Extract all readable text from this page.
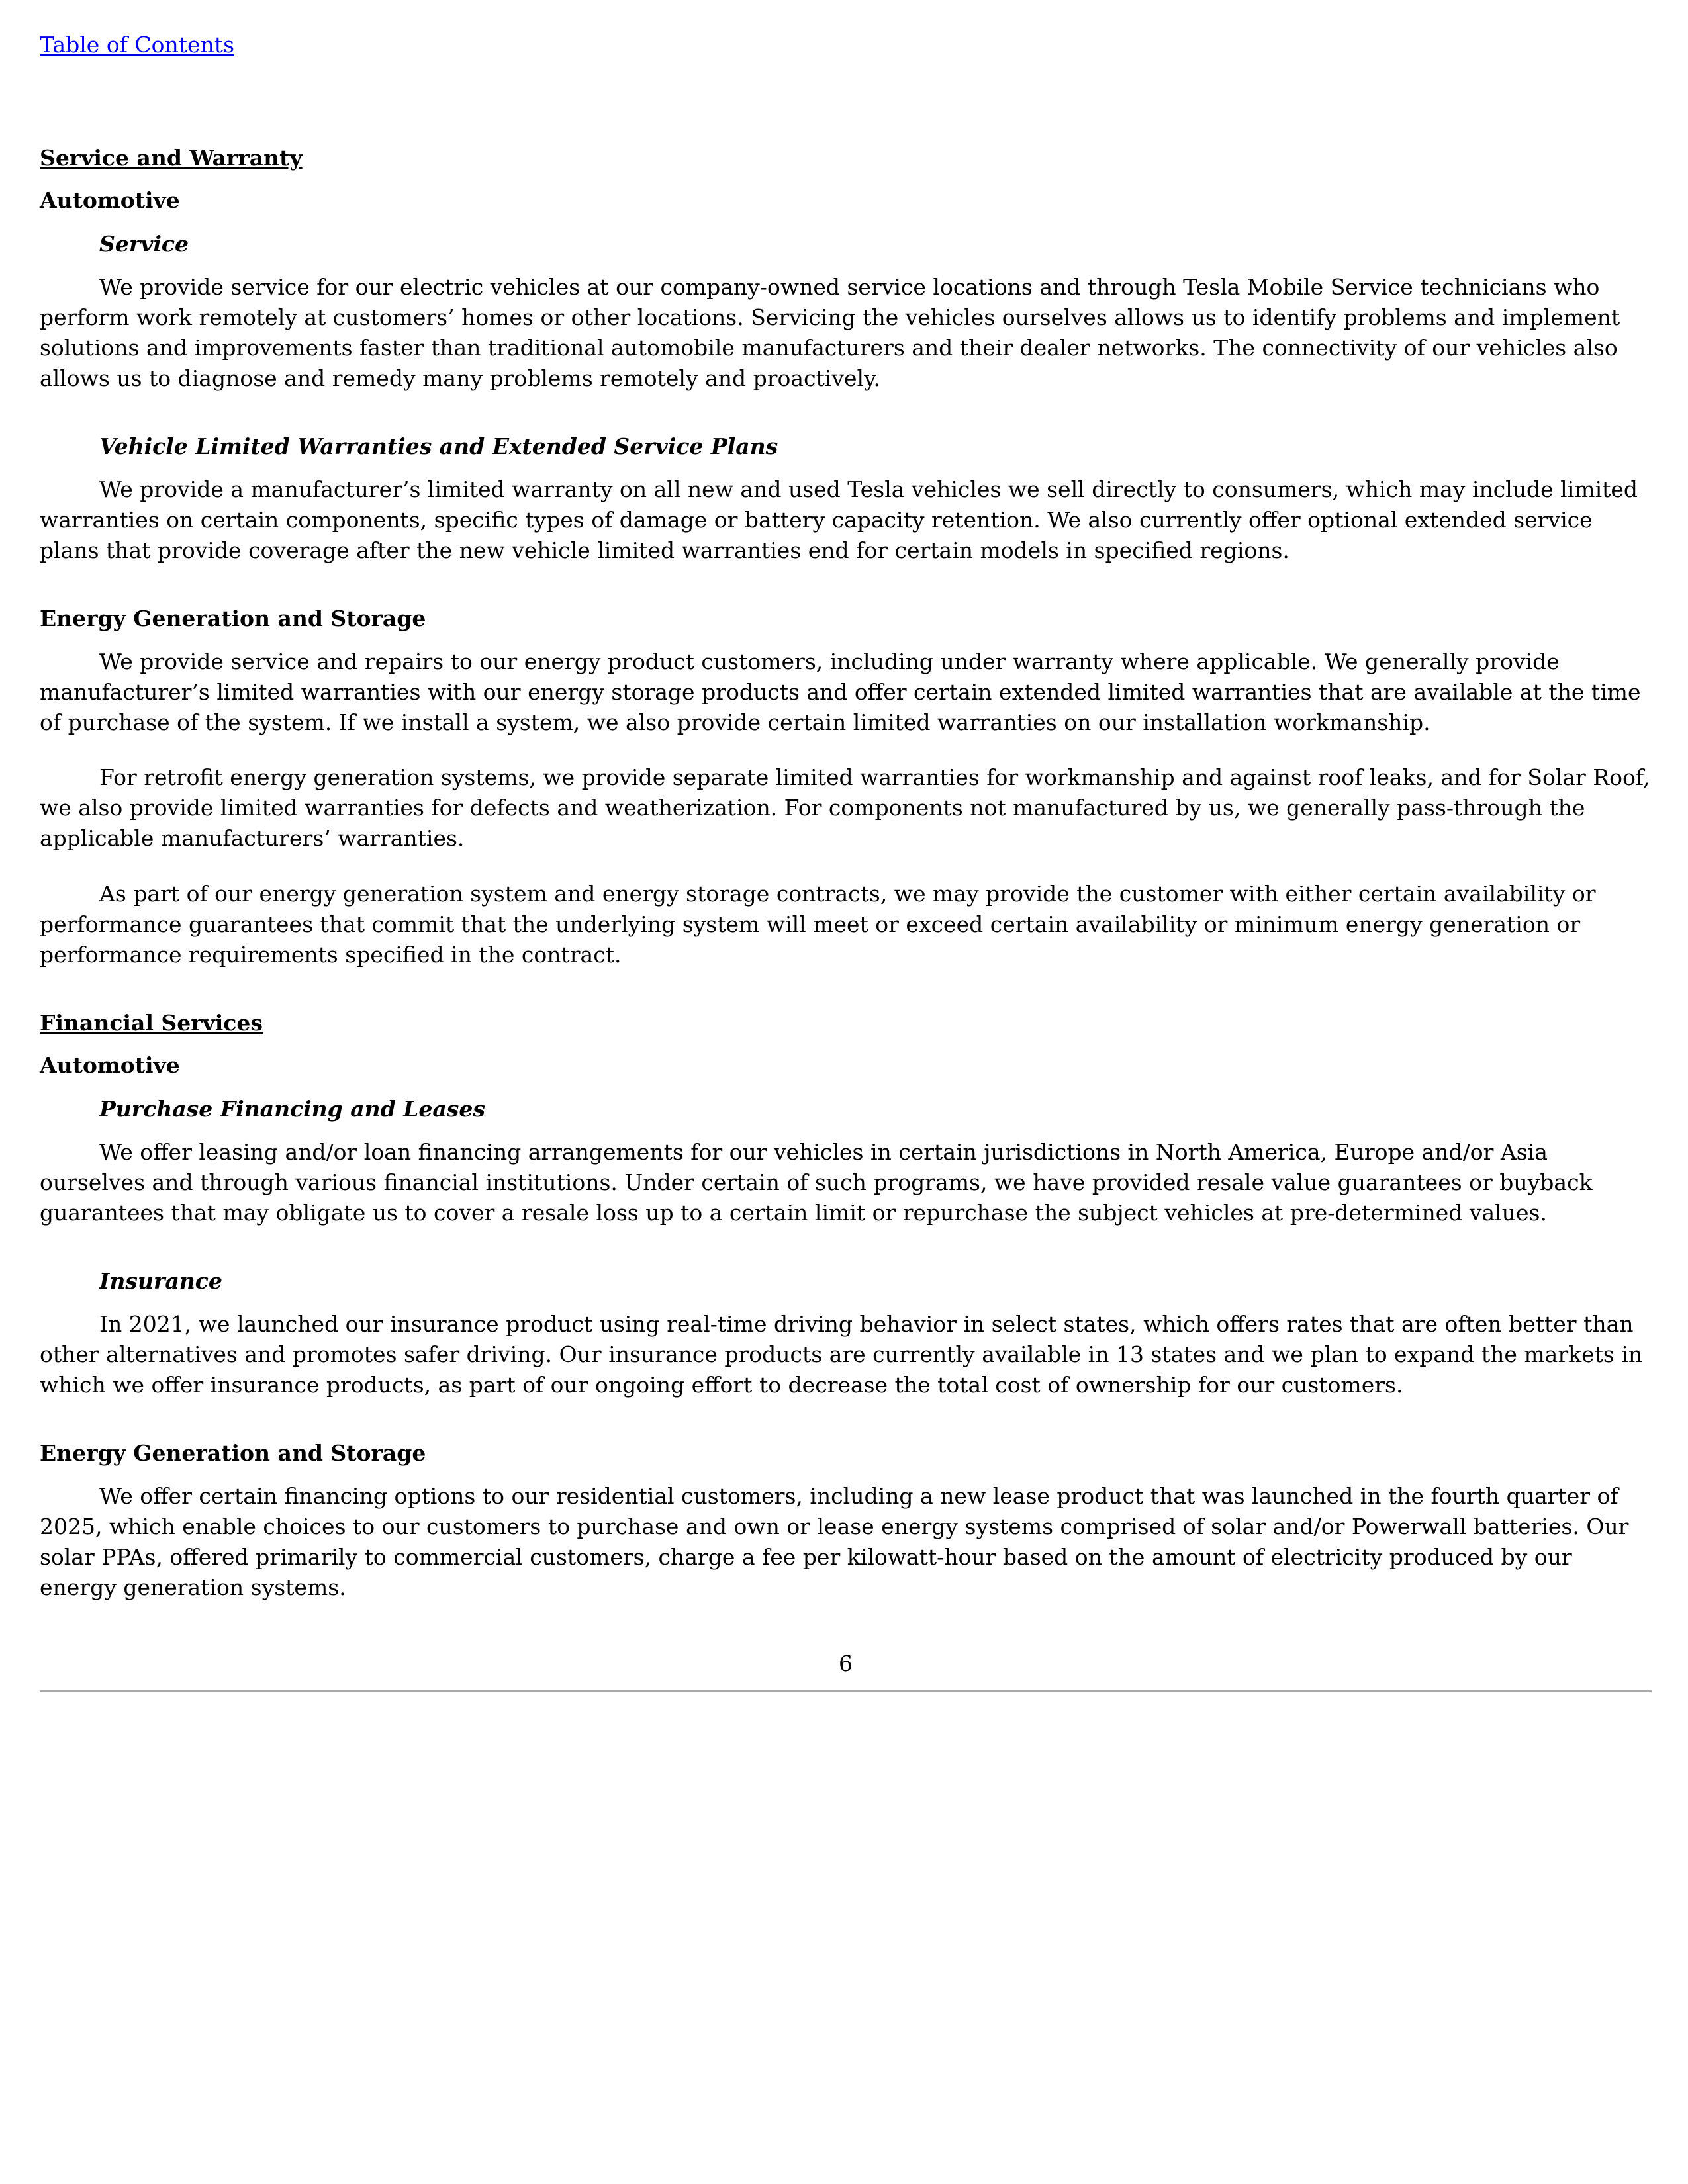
Table of Contents
Service and Warranty
Automotive
Service

We provide service for our electric vehicles at our company-owned service locations and through Tesla Mobile Service technicians who perform work remotely at customers’ homes or other locations. Servicing the vehicles ourselves allows us to identify problems and implement solutions and improvements faster than traditional automobile manufacturers and their dealer networks. The connectivity of our vehicles also allows us to diagnose and remedy many problems remotely and proactively.

Vehicle Limited Warranties and Extended Service Plans

We provide a manufacturer’s limited warranty on all new and used Tesla vehicles we sell directly to consumers, which may include limited warranties on certain components, specific types of damage or battery capacity retention. We also currently offer optional extended service plans that provide coverage after the new vehicle limited warranties end for certain models in specified regions.

Energy Generation and Storage

We provide service and repairs to our energy product customers, including under warranty where applicable. We generally provide manufacturer’s limited warranties with our energy storage products and offer certain extended limited warranties that are available at the time of purchase of the system. If we install a system, we also provide certain limited warranties on our installation workmanship.

For retrofit energy generation systems, we provide separate limited warranties for workmanship and against roof leaks, and for Solar Roof, we also provide limited warranties for defects and weatherization. For components not manufactured by us, we generally pass-through the applicable manufacturers’ warranties.

As part of our energy generation system and energy storage contracts, we may provide the customer with either certain availability or performance guarantees that commit that the underlying system will meet or exceed certain availability or minimum energy generation or performance requirements specified in the contract.

Financial Services
Automotive
Purchase Financing and Leases

We offer leasing and/or loan financing arrangements for our vehicles in certain jurisdictions in North America, Europe and/or Asia ourselves and through various financial institutions. Under certain of such programs, we have provided resale value guarantees or buyback guarantees that may obligate us to cover a resale loss up to a certain limit or repurchase the subject vehicles at pre-determined values.

Insurance

In 2021, we launched our insurance product using real-time driving behavior in select states, which offers rates that are often better than other alternatives and promotes safer driving. Our insurance products are currently available in 13 states and we plan to expand the markets in which we offer insurance products, as part of our ongoing effort to decrease the total cost of ownership for our customers.

Energy Generation and Storage

We offer certain financing options to our residential customers, including a new lease product that was launched in the fourth quarter of 2025, which enable choices to our customers to purchase and own or lease energy systems comprised of solar and/or Powerwall batteries. Our solar PPAs, offered primarily to commercial customers, charge a fee per kilowatt-hour based on the amount of electricity produced by our energy generation systems.

6
